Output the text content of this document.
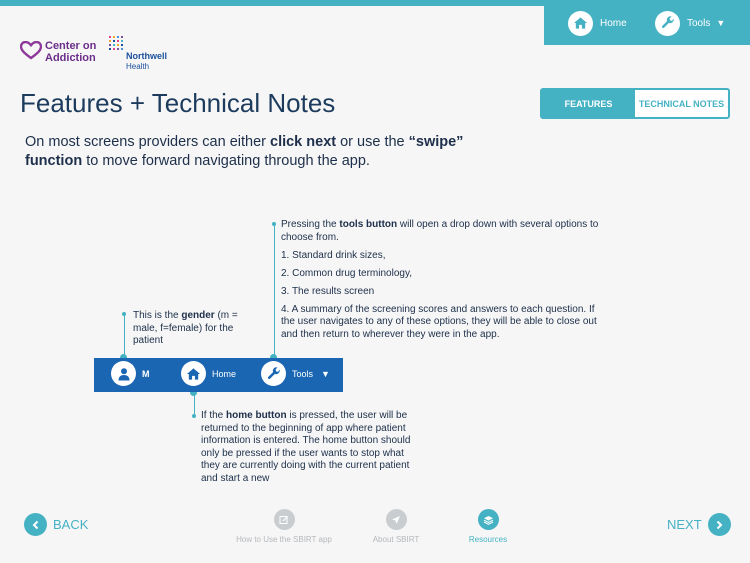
Home	Tools ▼
Center on
Addiction	Northwell
Health
Features + Technical Notes	FEATURES	TECHNICAL NOTES
On most screens providers can either click next or use the “swipe” function to move forward navigating through the app.
This is the gender (m = male, f=female) for the patient

Pressing the tools button will open a drop down with several options to choose from.

1. Standard drink sizes,

2. Common drug terminology,

3. The results screen

4. A summary of the screening scores and answers to each question. If the user navigates to any of these options, they will be able to close out and then return to wherever they were in the app.

M	Home	Tools ▼
If the home button is pressed, the user will be returned to the beginning of app where patient information is entered. The home button should only be pressed if the user wants to stop what they are currently doing with the current patient and start a new
BACK
How to Use the SBIRT app	About SBIRT	Resources
NEXT
